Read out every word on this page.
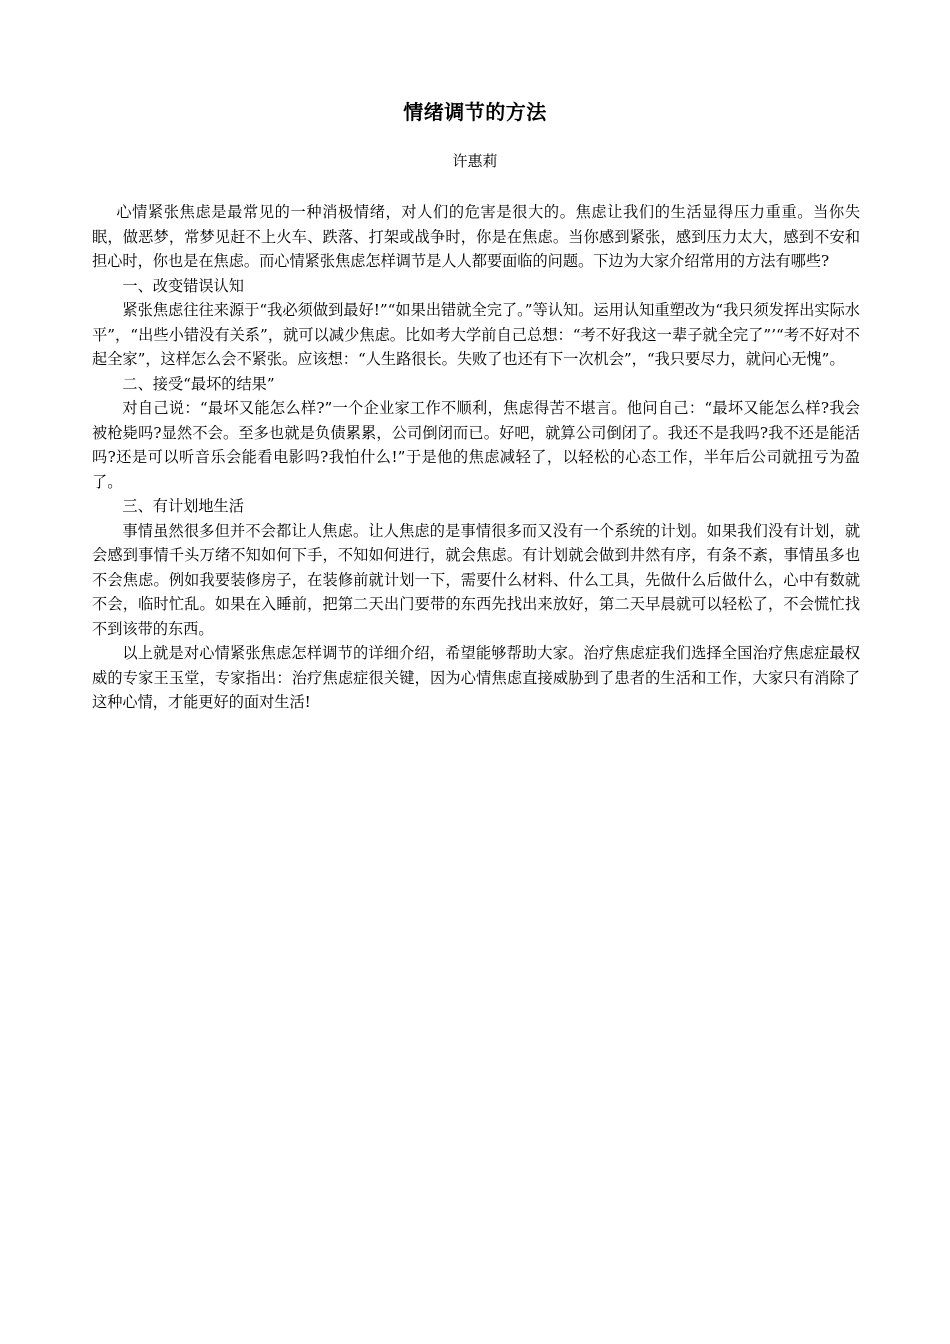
情绪调节的方法
许惠莉

心情紧张焦虑是最常见的一种消极情绪，对人们的危害是很大的。焦虑让我们的生活显得压力重重。当你失眠，做恶梦，常梦见赶不上火车、跌落、打架或战争时，你是在焦虑。当你感到紧张，感到压力太大，感到不安和担心时，你也是在焦虑。而心情紧张焦虑怎样调节是人人都要面临的问题。下边为大家介绍常用的方法有哪些?

一、改变错误认知

紧张焦虑往往来源于“我必须做到最好!”“如果出错就全完了。”等认知。运用认知重塑改为“我只须发挥出实际水平”，“出些小错没有关系”，就可以减少焦虑。比如考大学前自己总想：“考不好我这一辈子就全完了”’“考不好对不起全家”，这样怎么会不紧张。应该想：“人生路很长。失败了也还有下一次机会”，“我只要尽力，就问心无愧”。

二、接受“最坏的结果”

对自己说：“最坏又能怎么样?”一个企业家工作不顺利，焦虑得苦不堪言。他问自己：“最坏又能怎么样?我会被枪毙吗?显然不会。至多也就是负债累累，公司倒闭而已。好吧，就算公司倒闭了。我还不是我吗?我不还是能活吗?还是可以听音乐会能看电影吗?我怕什么!”于是他的焦虑减轻了，以轻松的心态工作，半年后公司就扭亏为盈了。

三、有计划地生活

事情虽然很多但并不会都让人焦虑。让人焦虑的是事情很多而又没有一个系统的计划。如果我们没有计划，就会感到事情千头万绪不知如何下手，不知如何进行，就会焦虑。有计划就会做到井然有序，有条不紊，事情虽多也不会焦虑。例如我要装修房子，在装修前就计划一下，需要什么材料、什么工具，先做什么后做什么，心中有数就不会，临时忙乱。如果在入睡前，把第二天出门要带的东西先找出来放好，第二天早晨就可以轻松了，不会慌忙找不到该带的东西。

以上就是对心情紧张焦虑怎样调节的详细介绍，希望能够帮助大家。治疗焦虑症我们选择全国治疗焦虑症最权威的专家王玉堂，专家指出：治疗焦虑症很关键，因为心情焦虑直接威胁到了患者的生活和工作，大家只有消除了这种心情，才能更好的面对生活!
